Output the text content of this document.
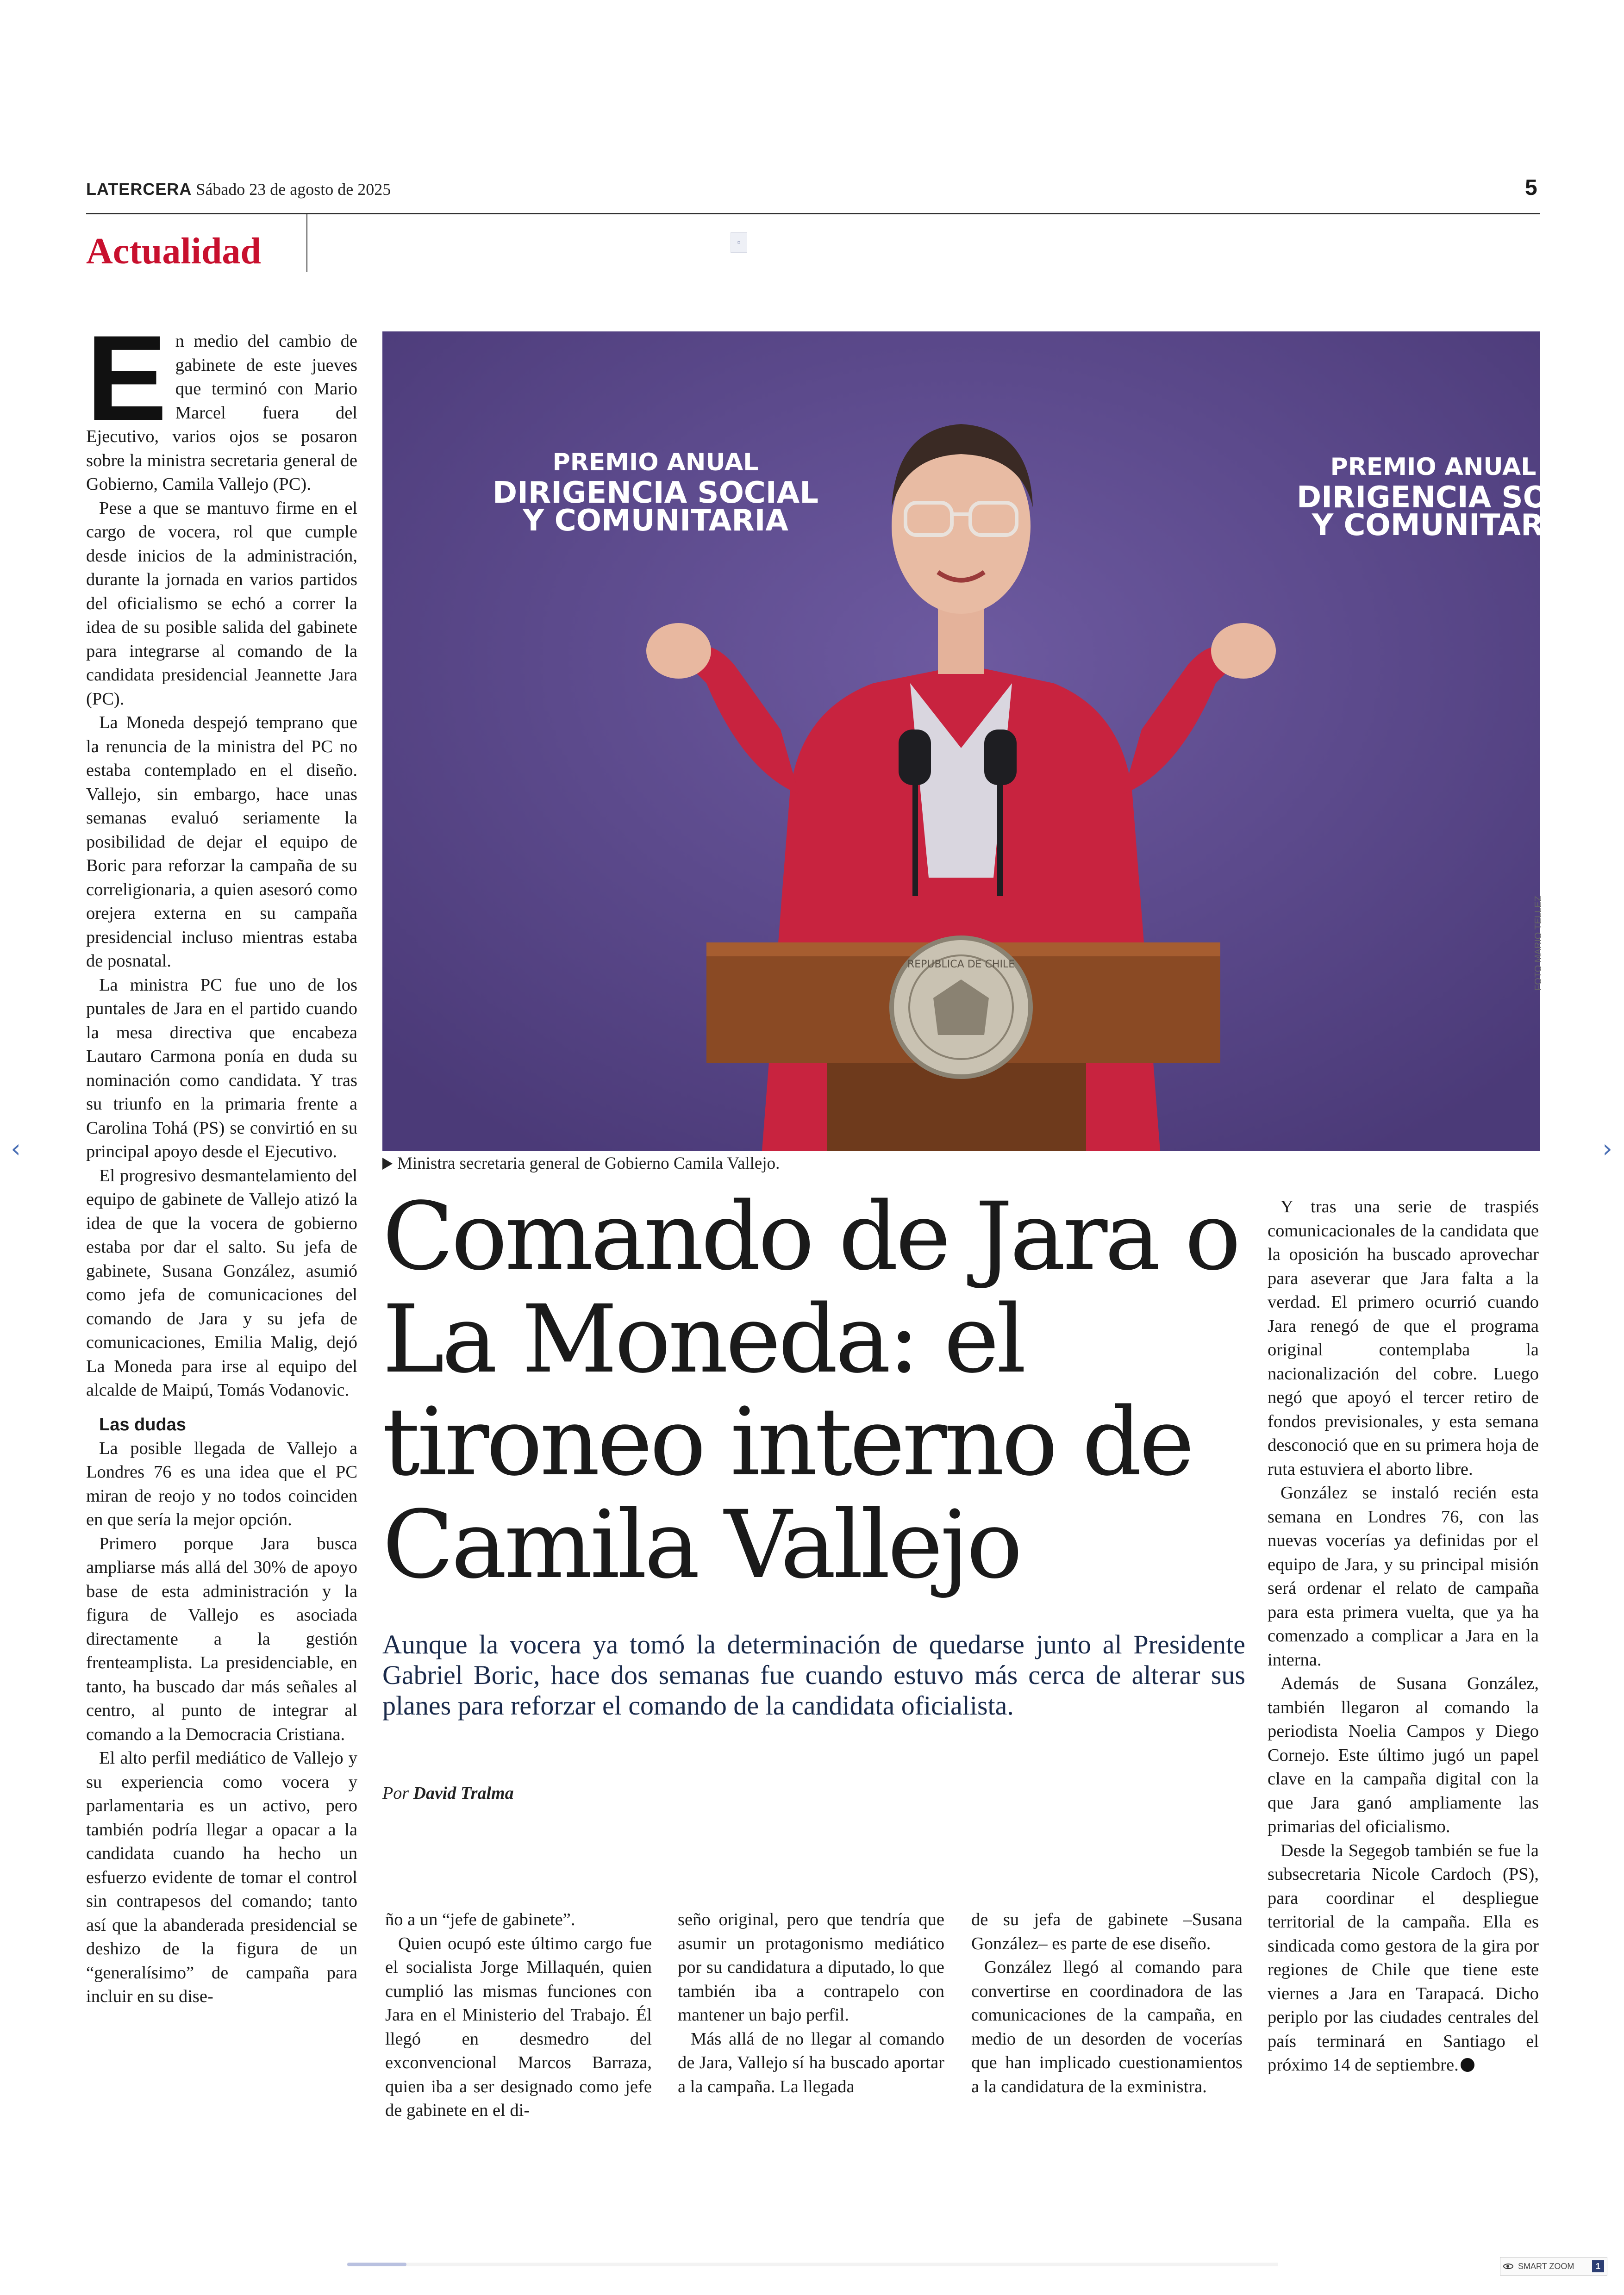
LATERCERA Sábado 23 de agosto de 2025	5
Actualidad	▫
E n medio del cambio de gabinete de este jueves que terminó con Mario Marcel fuera del Ejecutivo, varios ojos se posaron sobre la ministra secretaria general de Gobierno, Camila Vallejo (PC).

Pese a que se mantuvo firme en el cargo de vocera, rol que cumple desde inicios de la administración, durante la jornada en varios partidos del oficialismo se echó a correr la idea de su posible salida del gabinete para integrarse al comando de la candidata presidencial Jeannette Jara (PC).

La Moneda despejó temprano que la renuncia de la ministra del PC no estaba contemplado en el diseño. Vallejo, sin embargo, hace unas semanas evaluó seriamente la posibilidad de dejar el equipo de Boric para reforzar la campaña de su correligionaria, a quien asesoró como orejera externa en su campaña presidencial incluso mientras estaba de posnatal.

La ministra PC fue uno de los puntales de Jara en el partido cuando la mesa directiva que encabeza Lautaro Carmona ponía en duda su nominación como candidata. Y tras su triunfo en la primaria frente a Carolina Tohá (PS) se convirtió en su principal apoyo desde el Ejecutivo.

El progresivo desmantelamiento del equipo de gabinete de Vallejo atizó la idea de que la vocera de gobierno estaba por dar el salto. Su jefa de gabinete, Susana González, asumió como jefa de comunicaciones del comando de Jara y su jefa de comunicaciones, Emilia Malig, dejó La Moneda para irse al equipo del alcalde de Maipú, Tomás Vodanovic.

Las dudas

La posible llegada de Vallejo a Londres 76 es una idea que el PC miran de reojo y no todos coinciden en que sería la mejor opción.

Primero porque Jara busca ampliarse más allá del 30% de apoyo base de esta administración y la figura de Vallejo es asociada directamente a la gestión frenteamplista. La presidenciable, en tanto, ha buscado dar más señales al centro, al punto de integrar al comando a la Democracia Cristiana.

El alto perfil mediático de Vallejo y su experiencia como vocera y parlamentaria es un activo, pero también podría llegar a opacar a la candidata cuando ha hecho un esfuerzo evidente de tomar el control sin contrapesos del comando; tanto así que la abanderada presidencial se deshizo de la figura de un “generalísimo” de campaña para incluir en su dise-

PREMIO ANUAL
DIRIGENCIA SOCIAL
Y COMUNITARIA
PREMIO ANUAL
DIRIGENCIA SOC
Y COMUNITARI
REPUBLICA DE CHILE	FOTO MARIO TELLEZ
Ministra secretaria general de Gobierno Camila Vallejo.
Comando de Jara o La Moneda: el tironeo interno de Camila Vallejo

Aunque la vocera ya tomó la determinación de quedarse junto al Presidente Gabriel Boric, hace dos semanas fue cuando estuvo más cerca de alterar sus planes para reforzar el comando de la candidata oficialista.

Por David Tralma

ño a un “jefe de gabinete”.

Quien ocupó este último cargo fue el socialista Jorge Millaquén, quien cumplió las mismas funciones con Jara en el Ministerio del Trabajo. Él llegó en desmedro del exconvencional Marcos Barraza, quien iba a ser designado como jefe de gabinete en el di-

seño original, pero que tendría que asumir un protagonismo mediático por su candidatura a diputado, lo que también iba a contrapelo con mantener un bajo perfil.

Más allá de no llegar al comando de Jara, Vallejo sí ha buscado aportar a la campaña. La llegada

de su jefa de gabinete –Susana González– es parte de ese diseño.

González llegó al comando para convertirse en coordinadora de las comunicaciones de la campaña, en medio de un desorden de vocerías que han implicado cuestionamientos a la candidatura de la exministra.

Y tras una serie de traspiés comunicacionales de la candidata que la oposición ha buscado aprovechar para aseverar que Jara falta a la verdad. El primero ocurrió cuando Jara renegó de que el programa original contemplaba la nacionalización del cobre. Luego negó que apoyó el tercer retiro de fondos previsionales, y esta semana desconoció que en su primera hoja de ruta estuviera el aborto libre.

González se instaló recién esta semana en Londres 76, con las nuevas vocerías ya definidas por el equipo de Jara, y su principal misión será ordenar el relato de campaña para esta primera vuelta, que ya ha comenzado a complicar a Jara en la interna.

Además de Susana González, también llegaron al comando la periodista Noelia Campos y Diego Cornejo. Este último jugó un papel clave en la campaña digital con la que Jara ganó ampliamente las primarias del oficialismo.

Desde la Segegob también se fue la subsecretaria Nicole Cardoch (PS), para coordinar el despliegue territorial de la campaña. Ella es sindicada como gestora de la gira por regiones de Chile que tiene este viernes a Jara en Tarapacá. Dicho periplo por las ciudades centrales del país terminará en Santiago el próximo 14 de septiembre.

‹	›
SMART ZOOM	1
